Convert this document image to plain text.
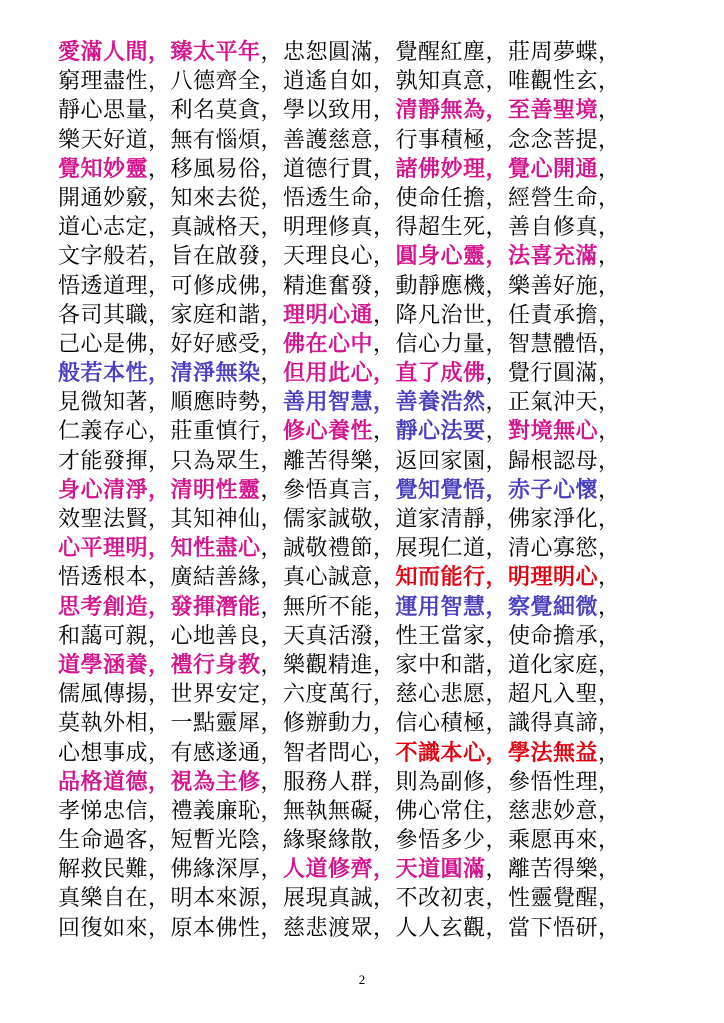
愛滿人間，臻太平年，忠恕圓滿，覺醒紅塵，莊周夢蝶，
窮理盡性，八德齊全，逍遙自如，孰知真意，唯觀性玄，
靜心思量，利名莫貪，學以致用，清靜無為，至善聖境，
樂天好道，無有惱煩，善護慈意，行事積極，念念菩提，
覺知妙靈，移風易俗，道德行貫，諸佛妙理，覺心開通，
開通妙竅，知來去從，悟透生命，使命任擔，經營生命，
道心志定，真誠格天，明理修真，得超生死，善自修真，
文字般若，旨在啟發，天理良心，圓身心靈，法喜充滿，
悟透道理，可修成佛，精進奮發，動靜應機，樂善好施，
各司其職，家庭和諧，理明心通，降凡治世，任責承擔，
己心是佛，好好感受，佛在心中，信心力量，智慧體悟，
般若本性，清淨無染，但用此心，直了成佛，覺行圓滿，
見微知著，順應時勢，善用智慧，善養浩然，正氣沖天，
仁義存心，莊重慎行，修心養性，靜心法要，對境無心，
才能發揮，只為眾生，離苦得樂，返回家園，歸根認母，
身心清淨，清明性靈，參悟真言，覺知覺悟，赤子心懷，
效聖法賢，其知神仙，儒家誠敬，道家清靜，佛家淨化，
心平理明，知性盡心，誠敬禮節，展現仁道，清心寡慾，
悟透根本，廣結善緣，真心誠意，知而能行，明理明心，
思考創造，發揮潛能，無所不能，運用智慧，察覺細微，
和藹可親，心地善良，天真活潑，性王當家，使命擔承，
道學涵養，禮行身教，樂觀精進，家中和諧，道化家庭，
儒風傳揚，世界安定，六度萬行，慈心悲愿，超凡入聖，
莫執外相，一點靈犀，修辦動力，信心積極，識得真諦，
心想事成，有感遂通，智者問心，不識本心，學法無益，
品格道德，視為主修，服務人群，則為副修，參悟性理，
孝悌忠信，禮義廉恥，無執無礙，佛心常住，慈悲妙意，
生命過客，短暫光陰，緣聚緣散，參悟多少，乘愿再來，
解救民難，佛緣深厚，人道修齊，天道圓滿，離苦得樂，
真樂自在，明本來源，展現真誠，不改初衷，性靈覺醒，
回復如來，原本佛性，慈悲渡眾，人人玄觀，當下悟研，
2
